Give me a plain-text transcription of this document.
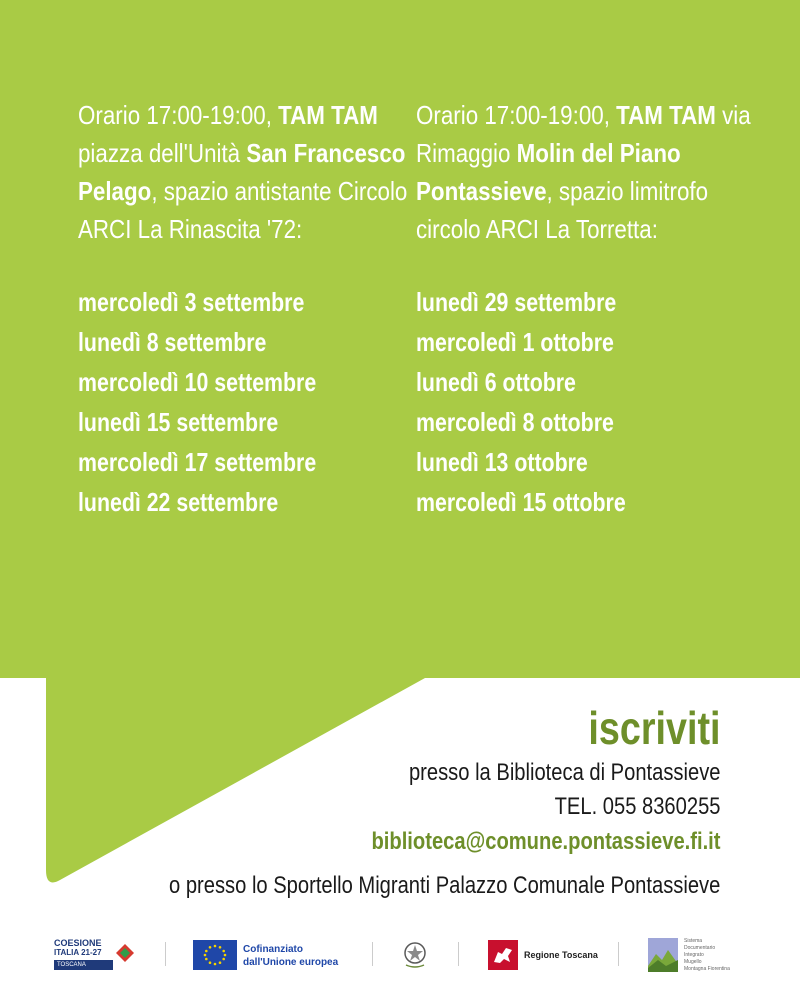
Orario 17:00-19:00, TAM TAM piazza dell'Unità San Francesco Pelago, spazio antistante Circolo ARCI La Rinascita '72:
mercoledì 3 settembre
lunedì 8 settembre
mercoledì 10 settembre
lunedì 15 settembre
mercoledì 17 settembre
lunedì 22 settembre
Orario 17:00-19:00, TAM TAM via Rimaggio Molin del Piano Pontassieve, spazio limitrofo circolo ARCI La Torretta:
lunedì 29 settembre
mercoledì 1 ottobre
lunedì 6 ottobre
mercoledì 8 ottobre
lunedì 13 ottobre
mercoledì 15 ottobre
iscriviti
presso la Biblioteca di Pontassieve
TEL. 055 8360255
biblioteca@comune.pontassieve.fi.it
o presso lo Sportello Migranti Palazzo Comunale Pontassieve
COESIONE
ITALIA 21-27
TOSCANA
Cofinanziato
dall'Unione europea
Regione Toscana
Sistema
Documentario
Integrato
Mugello
Montagna Fiorentina
